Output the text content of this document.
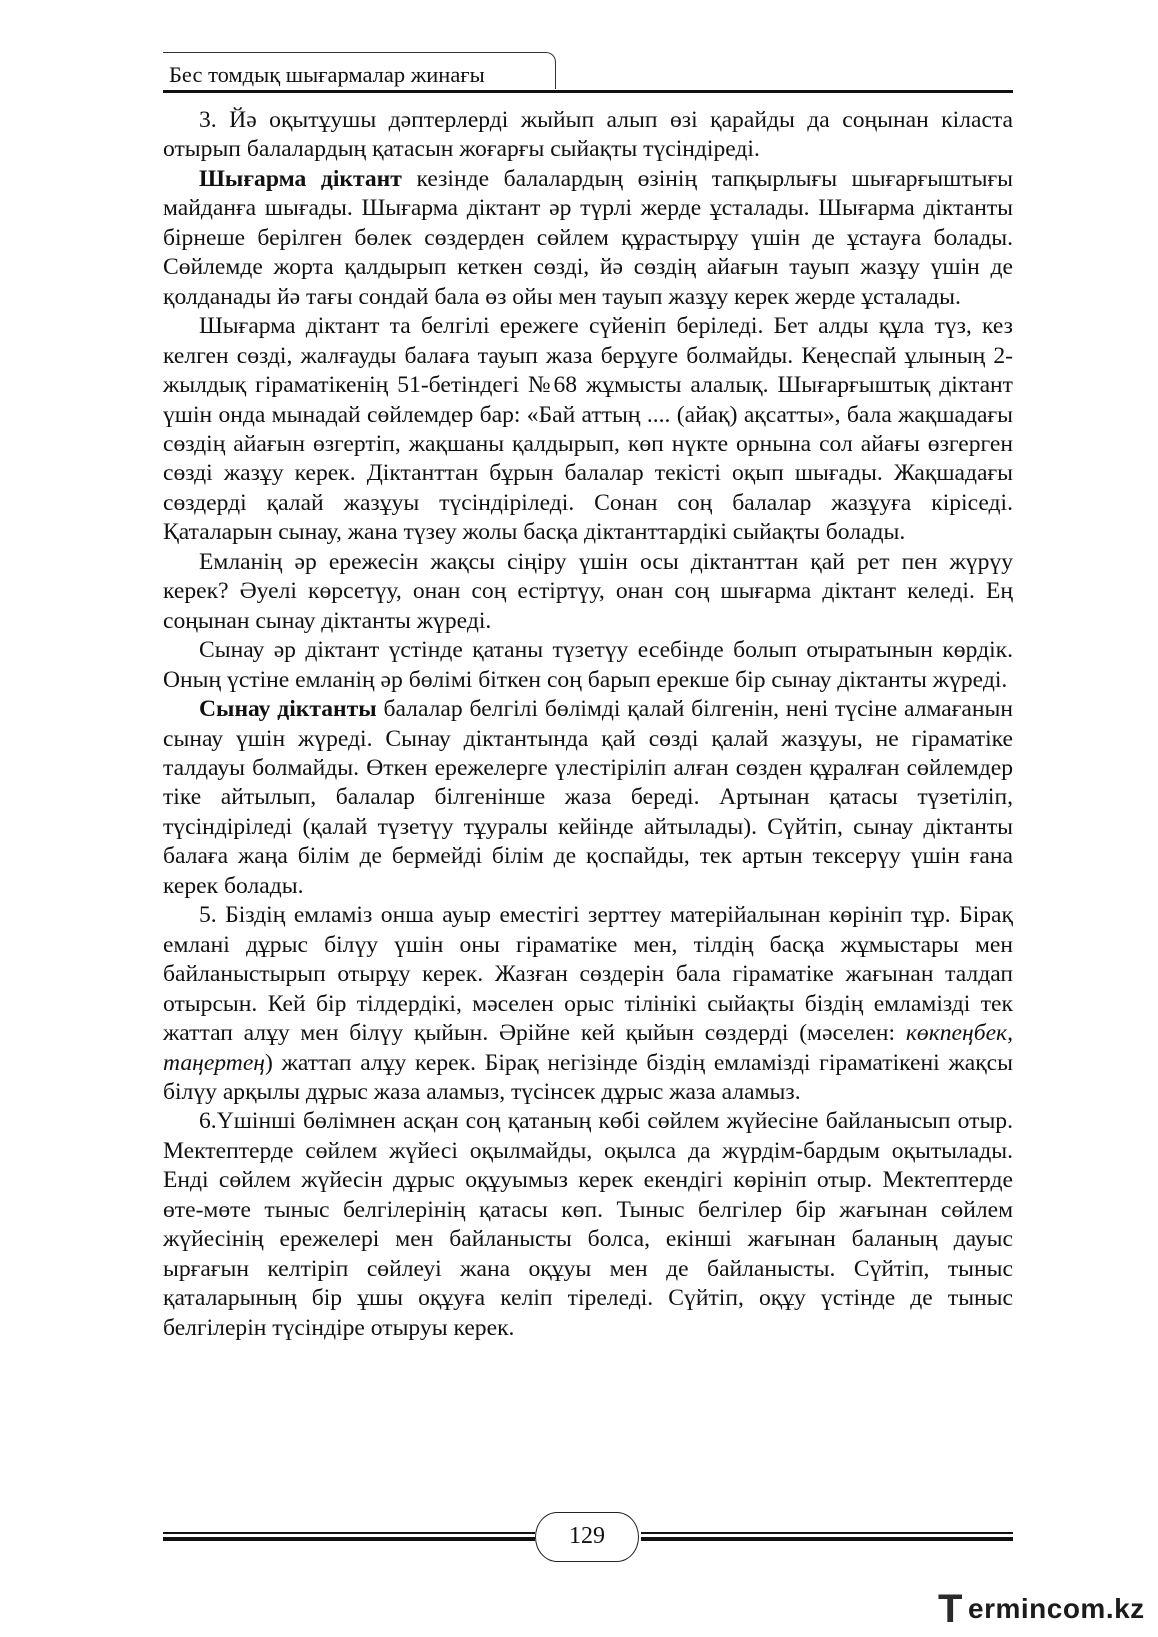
Бес томдық шығармалар жинағы

3. Йә оқытұушы дәптерлерді жыйып алып өзі қарайды да соңынан кіласта отырып балалардың қатасын жоғарғы сыйақты түсіндіреді.

Шығарма діктант кезінде балалардың өзінің тапқырлығы шығарғыштығы майданға шығады. Шығарма діктант әр түрлі жерде ұсталады. Шығарма діктанты бірнеше берілген бөлек сөздерден сөйлем құрастырұу үшін де ұстауға болады. Сөйлемде жорта қалдырып кеткен сөзді, йә сөздің айағын тауып жазұу үшін де қолданады йә тағы сондай бала өз ойы мен тауып жазұу керек жерде ұсталады.

Шығарма діктант та белгілі ережеге сүйеніп беріледі. Бет алды құла түз, кез келген сөзді, жалғауды балаға тауып жаза берұуге болмайды. Кеңеспай ұлының 2-жылдық гіраматікенің 51-бетіндегі №68 жұмысты алалық. Шығарғыштық діктант үшін онда мынадай сөйлемдер бар: «Бай аттың .... (айақ) ақсатты», бала жақшадағы сөздің айағын өзгертіп, жақшаны қалдырып, көп нүкте орнына сол айағы өзгерген сөзді жазұу керек. Діктанттан бұрын балалар текісті оқып шығады. Жақшадағы сөздерді қалай жазұуы түсіндіріледі. Сонан соң балалар жазұуға кіріседі. Қаталарын сынау, жана түзеу жолы басқа діктанттардікі сыйақты болады.

Емланің әр ережесін жақсы сіңіру үшін осы діктанттан қай рет пен жүрүу керек? Әуелі көрсетүу, онан соң естіртүу, онан соң шығарма діктант келеді. Ең соңынан сынау діктанты жүреді.

Сынау әр діктант үстінде қатаны түзетүу есебінде болып отыратынын көрдік. Оның үстіне емланің әр бөлімі біткен соң барып ерекше бір сынау діктанты жүреді.

Сынау діктанты балалар белгілі бөлімді қалай білгенін, нені түсіне алмағанын сынау үшін жүреді. Сынау діктантында қай сөзді қалай жазұуы, не гіраматіке талдауы болмайды. Өткен ережелерге үлестіріліп алған сөзден құралған сөйлемдер тіке айтылып, балалар білгенінше жаза береді. Артынан қатасы түзетіліп, түсіндіріледі (қалай түзетүу тұуралы кейінде айтылады). Сүйтіп, сынау діктанты балаға жаңа білім де бермейді білім де қоспайды, тек артын тексерүу үшін ғана керек болады.

5. Біздің емламіз онша ауыр еместігі зерттеу матерійалынан көрініп тұр. Бірақ емлані дұрыс білүу үшін оны гіраматіке мен, тілдің басқа жұмыстары мен байланыстырып отырұу керек. Жазған сөздерін бала гіраматіке жағынан талдап отырсын. Кей бір тілдердікі, мәселен орыс тілінікі сыйақты біздің емламізді тек жаттап алұу мен білүу қыйын. Әрійне кей қыйын сөздерді (мәселен: көкпеңбек, таңертең) жаттап алұу керек. Бірақ негізінде біздің емламізді гіраматікені жақсы білүу арқылы дұрыс жаза аламыз, түсінсек дұрыс жаза аламыз.

6.Үшінші бөлімнен асқан соң қатаның көбі сөйлем жүйесіне байланысып отыр. Мектептерде сөйлем жүйесі оқылмайды, оқылса да жүрдім-бардым оқытылады. Енді сөйлем жүйесін дұрыс оқұуымыз керек екендігі көрініп отыр. Мектептерде өте-мөте тыныс белгілерінің қатасы көп. Тыныс белгілер бір жағынан сөйлем жүйесінің ережелері мен байланысты болса, екінші жағынан баланың дауыс ырғағын келтіріп сөйлеуі жана оқұуы мен де байланысты. Сүйтіп, тыныс қаталарының бір ұшы оқұуға келіп тіреледі. Сүйтіп, оқұу үстінде де тыныс белгілерін түсіндіре отыруы керек.

129
T ermincom.kz
